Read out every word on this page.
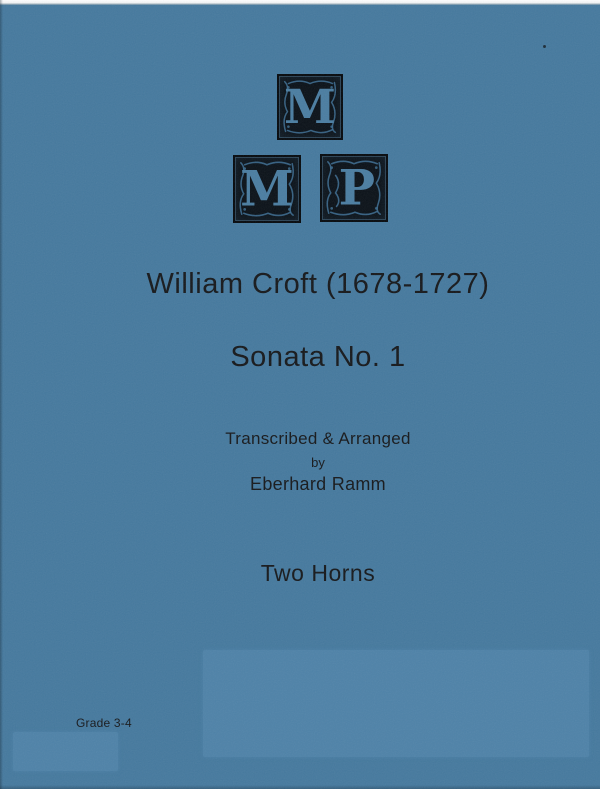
M
M P
William Croft (1678-1727)
Sonata No. 1
Transcribed & Arranged
by
Eberhard Ramm
Two Horns
Grade 3-4
